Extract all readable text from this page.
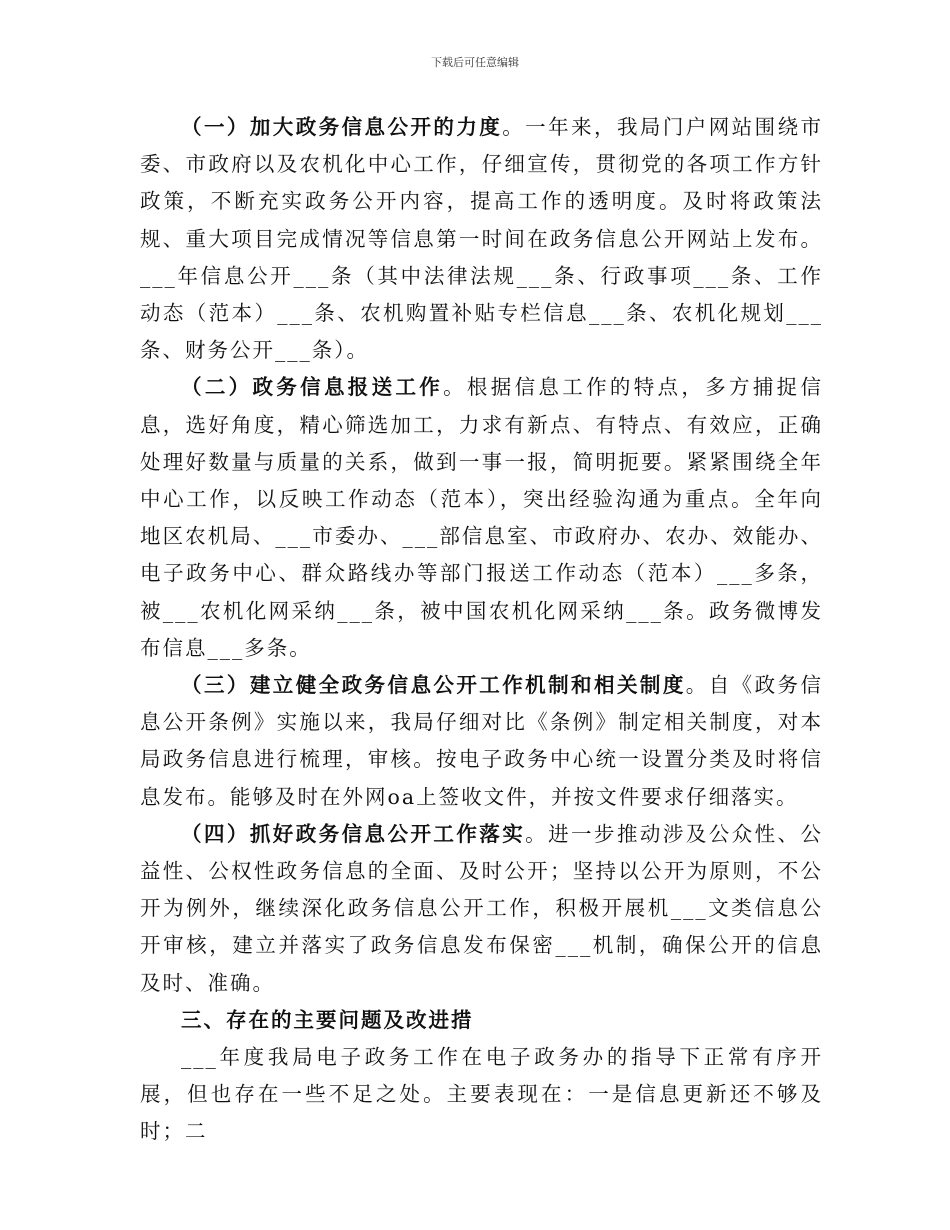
下载后可任意编辑

（一）加大政务信息公开的力度。一年来，我局门户网站围绕市委、市政府以及农机化中心工作，仔细宣传，贯彻党的各项工作方针政策，不断充实政务公开内容，提高工作的透明度。及时将政策法规、重大项目完成情况等信息第一时间在政务信息公开网站上发布。___年信息公开___条（其中法律法规___条、行政事项___条、工作动态（范本）___条、农机购置补贴专栏信息___条、农机化规划___条、财务公开___条）。

（二）政务信息报送工作。根据信息工作的特点，多方捕捉信息，选好角度，精心筛选加工，力求有新点、有特点、有效应，正确处理好数量与质量的关系，做到一事一报，简明扼要。紧紧围绕全年中心工作，以反映工作动态（范本），突出经验沟通为重点。全年向地区农机局、___市委办、___部信息室、市政府办、农办、效能办、电子政务中心、群众路线办等部门报送工作动态（范本）___多条，被___农机化网采纳___条，被中国农机化网采纳___条。政务微博发布信息___多条。

（三）建立健全政务信息公开工作机制和相关制度。自《政务信息公开条例》实施以来，我局仔细对比《条例》制定相关制度，对本局政务信息进行梳理，审核。按电子政务中心统一设置分类及时将信息发布。能够及时在外网oa上签收文件，并按文件要求仔细落实。

（四）抓好政务信息公开工作落实。进一步推动涉及公众性、公益性、公权性政务信息的全面、及时公开；坚持以公开为原则，不公开为例外，继续深化政务信息公开工作，积极开展机___文类信息公开审核，建立并落实了政务信息发布保密___机制，确保公开的信息及时、准确。

三、存在的主要问题及改进措

___年度我局电子政务工作在电子政务办的指导下正常有序开展，但也存在一些不足之处。主要表现在：一是信息更新还不够及时；二
